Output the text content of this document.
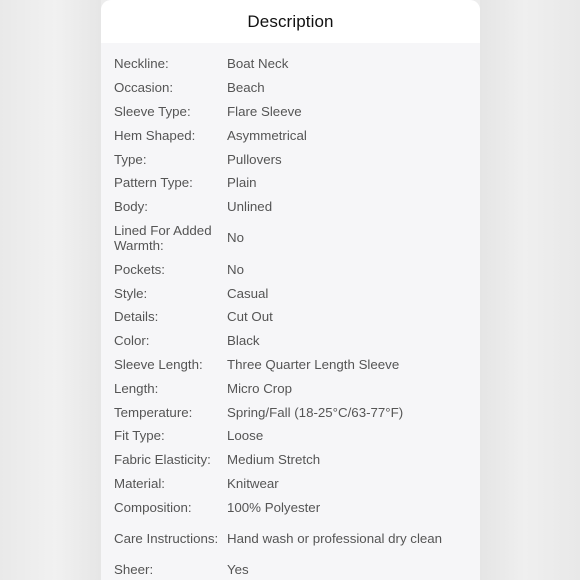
Description
Neckline:	Boat Neck
Occasion:	Beach
Sleeve Type:	Flare Sleeve
Hem Shaped:	Asymmetrical
Type:	Pullovers
Pattern Type:	Plain
Body:	Unlined
Lined For Added Warmth:	No
Pockets:	No
Style:	Casual
Details:	Cut Out
Color:	Black
Sleeve Length:	Three Quarter Length Sleeve
Length:	Micro Crop
Temperature:	Spring/Fall (18-25°C/63-77°F)
Fit Type:	Loose
Fabric Elasticity:	Medium Stretch
Material:	Knitwear
Composition:	100% Polyester
Care Instructions: Hand wash or professional dry clean
Sheer:	Yes
